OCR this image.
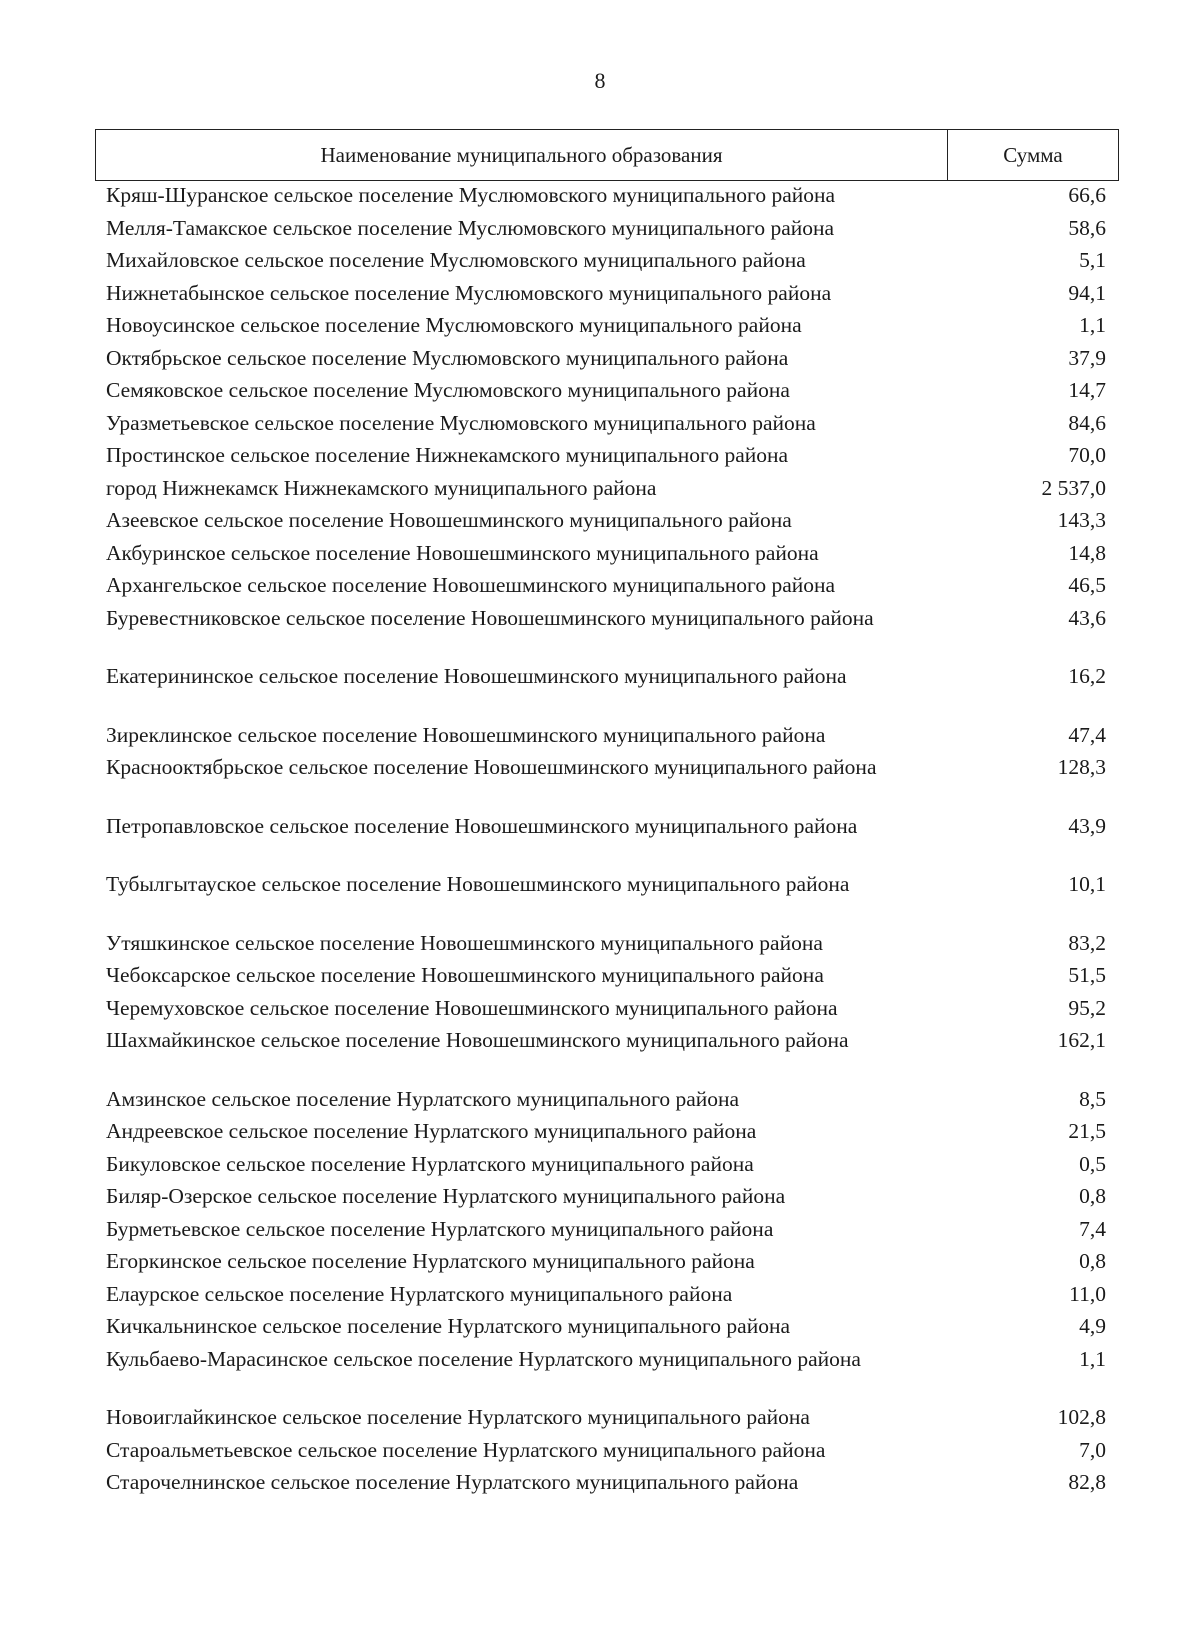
8
Наименование муниципального образования	Сумма
Кряш-Шуранское сельское поселение Муслюмовского муниципального района	66,6
Мелля-Тамакское сельское поселение Муслюмовского муниципального района	58,6
Михайловское сельское поселение Муслюмовского муниципального района	5,1
Нижнетабынское сельское поселение Муслюмовского муниципального района	94,1
Новоусинское сельское поселение Муслюмовского муниципального района	1,1
Октябрьское сельское поселение Муслюмовского муниципального района	37,9
Семяковское сельское поселение Муслюмовского муниципального района	14,7
Уразметьевское сельское поселение Муслюмовского муниципального района	84,6
Простинское сельское поселение Нижнекамского муниципального района	70,0
город Нижнекамск Нижнекамского муниципального района	2 537,0
Азеевское сельское поселение Новошешминского муниципального района	143,3
Акбуринское сельское поселение Новошешминского муниципального района	14,8
Архангельское сельское поселение Новошешминского муниципального района	46,5
Буревестниковское сельское поселение Новошешминского муниципального района	43,6
Екатерининское сельское поселение Новошешминского муниципального района	16,2
Зиреклинское сельское поселение Новошешминского муниципального района	47,4
Краснооктябрьское сельское поселение Новошешминского муниципального района	128,3
Петропавловское сельское поселение Новошешминского муниципального района	43,9
Тубылгытауское сельское поселение Новошешминского муниципального района	10,1
Утяшкинское сельское поселение Новошешминского муниципального района	83,2
Чебоксарское сельское поселение Новошешминского муниципального района	51,5
Черемуховское сельское поселение Новошешминского муниципального района	95,2
Шахмайкинское сельское поселение Новошешминского муниципального района	162,1
Амзинское сельское поселение Нурлатского муниципального района	8,5
Андреевское сельское поселение Нурлатского муниципального района	21,5
Бикуловское сельское поселение Нурлатского муниципального района	0,5
Биляр-Озерское сельское поселение Нурлатского муниципального района	0,8
Бурметьевское сельское поселение Нурлатского муниципального района	7,4
Егоркинское сельское поселение Нурлатского муниципального района	0,8
Елаурское сельское поселение Нурлатского муниципального района	11,0
Кичкальнинское сельское поселение Нурлатского муниципального района	4,9
Кульбаево-Марасинское сельское поселение Нурлатского муниципального района	1,1
Новоиглайкинское сельское поселение Нурлатского муниципального района	102,8
Староальметьевское сельское поселение Нурлатского муниципального района	7,0
Старочелнинское сельское поселение Нурлатского муниципального района	82,8
